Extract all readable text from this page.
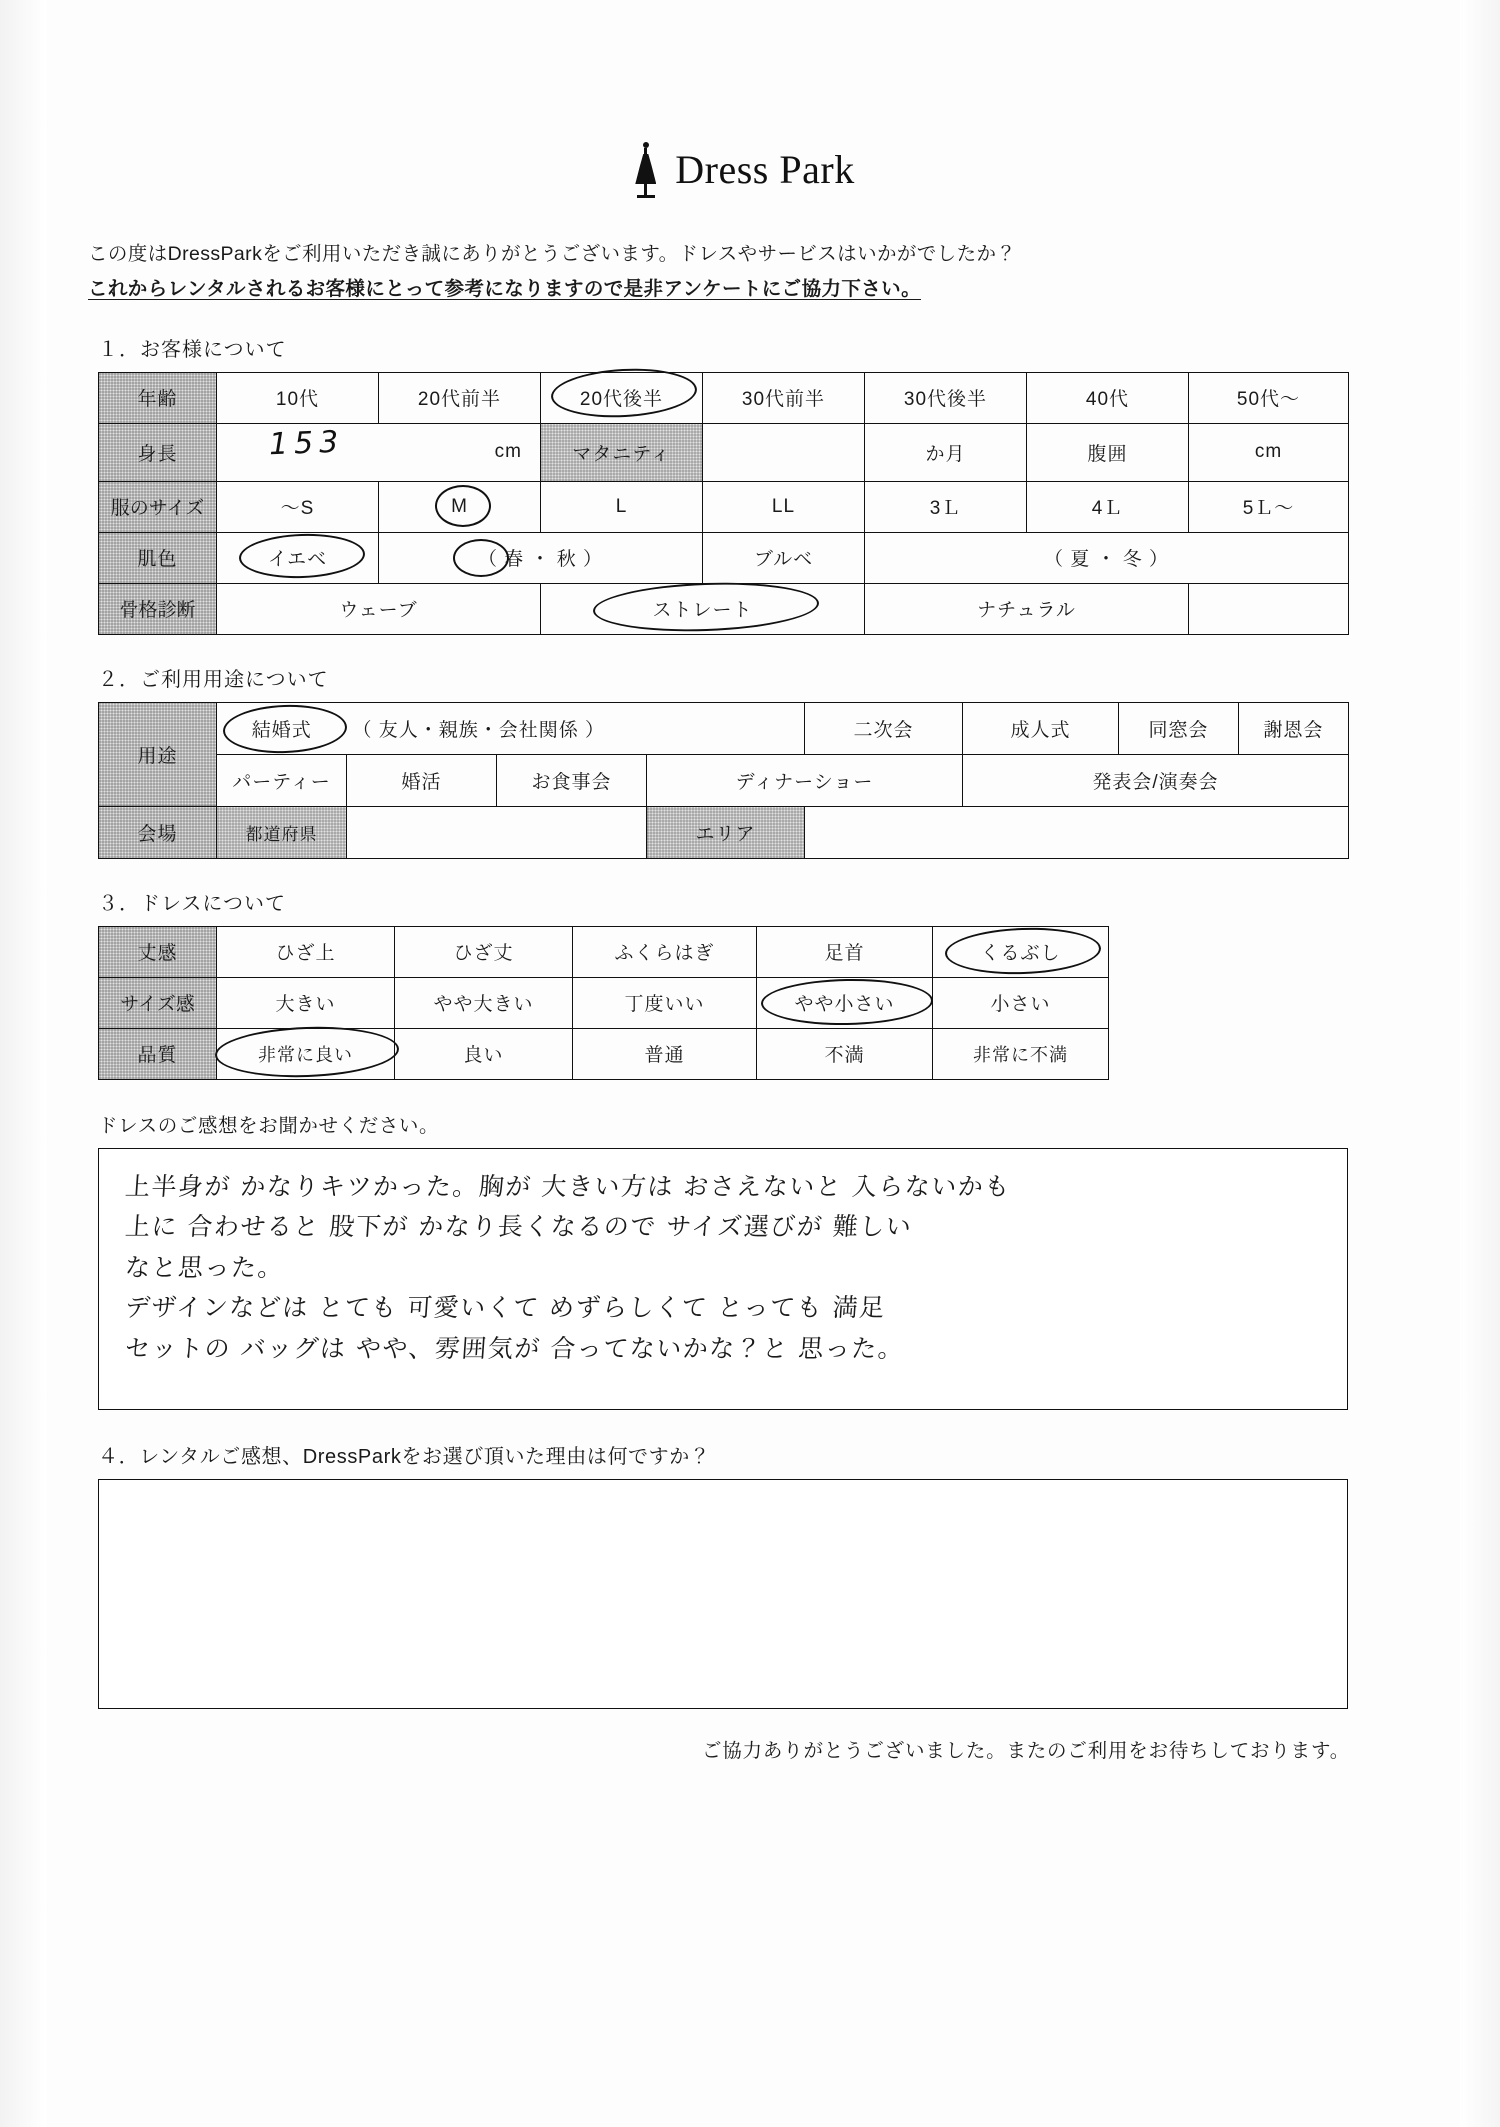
Dress Park

この度はDressParkをご利用いただき誠にありがとうございます。ドレスやサービスはいかがでしたか？

これからレンタルされるお客様にとって参考になりますので是非アンケートにご協力下さい。

１．お客様について
年齢	10代	20代前半	20代後半	30代前半	30代後半	40代	50代～
身長	153 cm		マタニティ		か月	腹囲	cm
服のサイズ	～S	M	L	LL	3Ｌ	4Ｌ	5Ｌ～
肌色	イエベ	（ 春 ・ 秋 ）		ブルベ	（ 夏 ・ 冬 ）		
骨格診断	ウェーブ		ストレート		ナチュラル		
２．ご利用用途について
用途	結婚式	（ 友人・親族・会社関係 ）			二次会	成人式	同窓会	謝恩会
	パーティー	婚活	お食事会	ディナーショー		発表会/演奏会		
会場	都道府県			エリア				
３．ドレスについて
丈感	ひざ上	ひざ丈	ふくらはぎ	足首	くるぶし

サイズ感	大きい	やや大きい	丁度いい	やや小さい	小さい
品質	非常に良い	良い	普通	不満	非常に不満

ドレスのご感想をお聞かせください。

上半身が かなりキツかった。胸が 大きい方は おさえないと 入らないかも
上に 合わせると 股下が かなり長くなるので サイズ選びが 難しい
なと思った。
デザインなどは とても 可愛いくて めずらしくて とっても 満足
セットの バッグは やや、雰囲気が 合ってないかな？と 思った。

４．レンタルご感想、DressParkをお選び頂いた理由は何ですか？

ご協力ありがとうございました。またのご利用をお待ちしております。
